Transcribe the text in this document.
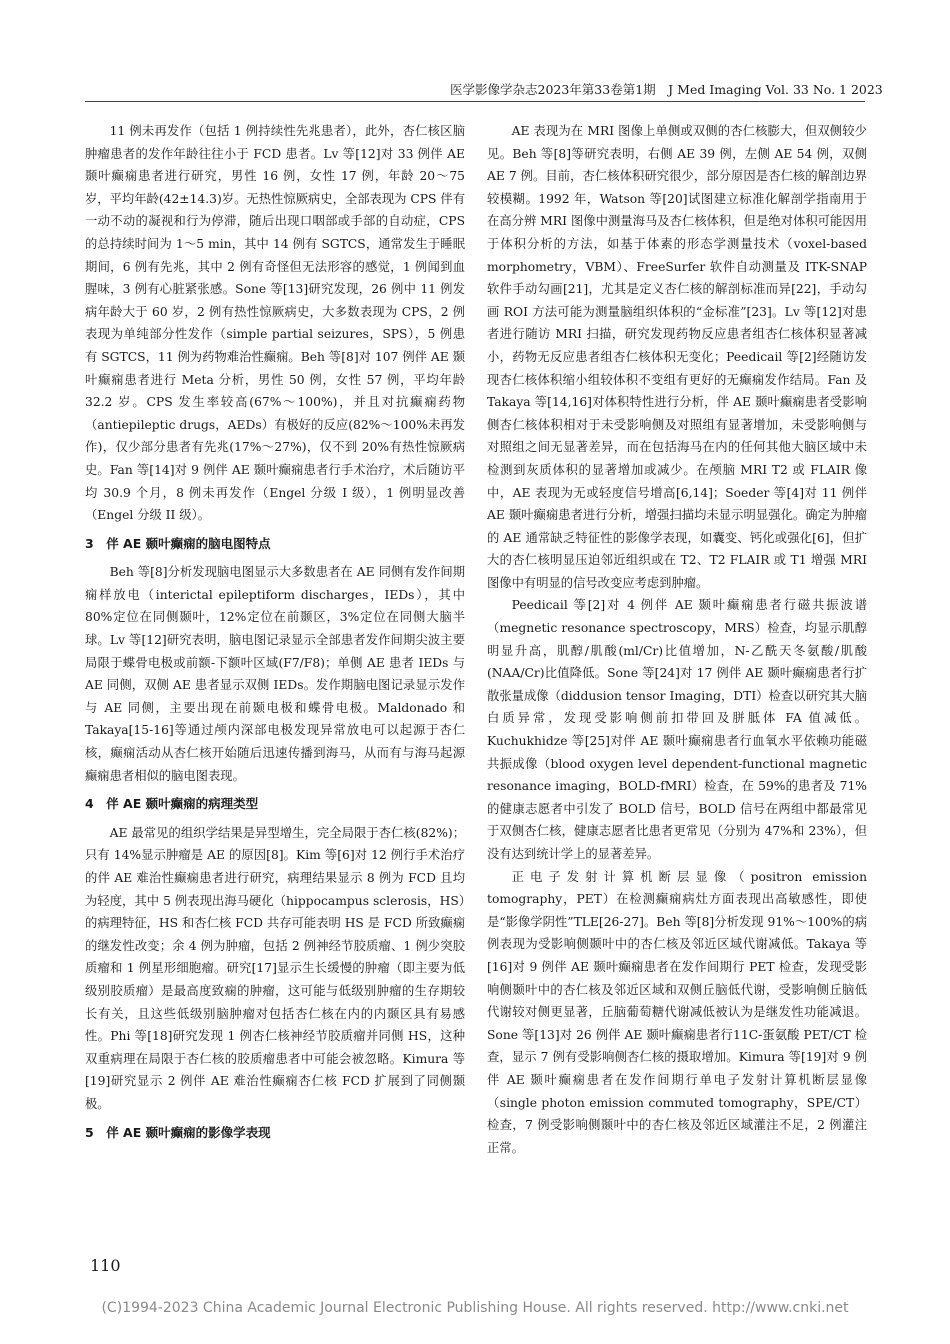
医学影像学杂志2023年第33卷第1期　J Med Imaging Vol. 33 No. 1 2023

11 例未再发作（包括 1 例持续性先兆患者），此外，杏仁核区脑肿瘤患者的发作年龄往往小于 FCD 患者。Lv 等[12]对 33 例伴 AE 颞叶癫痫患者进行研究，男性 16 例，女性 17 例，年龄 20～75 岁，平均年龄(42±14.3)岁。无热性惊厥病史，全部表现为 CPS 伴有一动不动的凝视和行为停滞，随后出现口咽部或手部的自动症，CPS 的总持续时间为 1～5 min，其中 14 例有 SGTCS，通常发生于睡眠期间，6 例有先兆，其中 2 例有奇怪但无法形容的感觉，1 例闻到血腥味，3 例有心脏紧张感。Sone 等[13]研究发现，26 例中 11 例发病年龄大于 60 岁，2 例有热性惊厥病史，大多数表现为 CPS，2 例表现为单纯部分性发作（simple partial seizures，SPS），5 例患有 SGTCS，11 例为药物难治性癫痫。Beh 等[8]对 107 例伴 AE 颞叶癫痫患者进行 Meta 分析，男性 50 例，女性 57 例，平均年龄 32.2 岁。CPS 发生率较高(67%～100%)，并且对抗癫痫药物（antiepileptic drugs，AEDs）有极好的反应(82%～100%未再发作)，仅少部分患者有先兆(17%～27%)，仅不到 20%有热性惊厥病史。Fan 等[14]对 9 例伴 AE 颞叶癫痫患者行手术治疗，术后随访平均 30.9 个月，8 例未再发作（Engel 分级 I 级），1 例明显改善（Engel 分级 II 级）。

3　伴 AE 颞叶癫痫的脑电图特点

Beh 等[8]分析发现脑电图显示大多数患者在 AE 同侧有发作间期痫样放电（interictal epileptiform discharges，IEDs），其中 80%定位在同侧颞叶，12%定位在前颞区，3%定位在同侧大脑半球。Lv 等[12]研究表明，脑电图记录显示全部患者发作间期尖波主要局限于蝶骨电极或前额-下额叶区域(F7/F8)；单侧 AE 患者 IEDs 与 AE 同侧，双侧 AE 患者显示双侧 IEDs。发作期脑电图记录显示发作与 AE 同侧，主要出现在前颞电极和蝶骨电极。Maldonado 和 Takaya[15-16]等通过颅内深部电极发现异常放电可以起源于杏仁核，癫痫活动从杏仁核开始随后迅速传播到海马，从而有与海马起源癫痫患者相似的脑电图表现。

4　伴 AE 颞叶癫痫的病理类型

AE 最常见的组织学结果是异型增生，完全局限于杏仁核(82%)；只有 14%显示肿瘤是 AE 的原因[8]。Kim 等[6]对 12 例行手术治疗的伴 AE 难治性癫痫患者进行研究，病理结果显示 8 例为 FCD 且均为轻度，其中 5 例表现出海马硬化（hippocampus sclerosis，HS）的病理特征，HS 和杏仁核 FCD 共存可能表明 HS 是 FCD 所致癫痫的继发性改变；余 4 例为肿瘤，包括 2 例神经节胶质瘤、1 例少突胶质瘤和 1 例星形细胞瘤。研究[17]显示生长缓慢的肿瘤（即主要为低级别胶质瘤）是最高度致痫的肿瘤，这可能与低级别肿瘤的生存期较长有关，且这些低级别脑肿瘤对包括杏仁核在内的内颞区具有易感性。Phi 等[18]研究发现 1 例杏仁核神经节胶质瘤并同侧 HS，这种双重病理在局限于杏仁核的胶质瘤患者中可能会被忽略。Kimura 等[19]研究显示 2 例伴 AE 难治性癫痫杏仁核 FCD 扩展到了同侧颞极。

5　伴 AE 颞叶癫痫的影像学表现

AE 表现为在 MRI 图像上单侧或双侧的杏仁核膨大，但双侧较少见。Beh 等[8]等研究表明，右侧 AE 39 例，左侧 AE 54 例，双侧 AE 7 例。目前，杏仁核体积研究很少，部分原因是杏仁核的解剖边界较模糊。1992 年，Watson 等[20]试图建立标准化解剖学指南用于在高分辨 MRI 图像中测量海马及杏仁核体积，但是绝对体积可能因用于体积分析的方法，如基于体素的形态学测量技术（voxel-based morphometry，VBM）、FreeSurfer 软件自动测量及 ITK-SNAP 软件手动勾画[21]，尤其是定义杏仁核的解剖标准而异[22]，手动勾画 ROI 方法可能为测量脑组织体积的“金标准”[23]。Lv 等[12]对患者进行随访 MRI 扫描，研究发现药物反应患者组杏仁核体积显著减小，药物无反应患者组杏仁核体积无变化；Peedicail 等[2]经随访发现杏仁核体积缩小组较体积不变组有更好的无癫痫发作结局。Fan 及 Takaya 等[14,16]对体积特性进行分析，伴 AE 颞叶癫痫患者受影响侧杏仁核体积相对于未受影响侧及对照组有显著增加，未受影响侧与对照组之间无显著差异，而在包括海马在内的任何其他大脑区域中未检测到灰质体积的显著增加或减少。在颅脑 MRI T2 或 FLAIR 像中，AE 表现为无或轻度信号增高[6,14]；Soeder 等[4]对 11 例伴 AE 颞叶癫痫患者进行分析，增强扫描均未显示明显强化。确定为肿瘤的 AE 通常缺乏特征性的影像学表现，如囊变、钙化或强化[6]，但扩大的杏仁核明显压迫邻近组织或在 T2、T2 FLAIR 或 T1 增强 MRI 图像中有明显的信号改变应考虑到肿瘤。

Peedicail 等[2]对 4 例伴 AE 颞叶癫痫患者行磁共振波谱（megnetic resonance spectroscopy，MRS）检查，均显示肌醇明显升高，肌醇/肌酸(ml/Cr)比值增加，N-乙酰天冬氨酸/肌酸(NAA/Cr)比值降低。Sone 等[24]对 17 例伴 AE 颞叶癫痫患者行扩散张量成像（diddusion tensor Imaging，DTI）检查以研究其大脑白质异常，发现受影响侧前扣带回及胼胝体 FA 值减低。Kuchukhidze 等[25]对伴 AE 颞叶癫痫患者行血氧水平依赖功能磁共振成像（blood oxygen level dependent-functional magnetic resonance imaging，BOLD-fMRI）检查，在 59%的患者及 71%的健康志愿者中引发了 BOLD 信号，BOLD 信号在两组中都最常见于双侧杏仁核，健康志愿者比患者更常见（分别为 47%和 23%），但没有达到统计学上的显著差异。

正电子发射计算机断层显像（positron emission tomography，PET）在检测癫痫病灶方面表现出高敏感性，即使是“影像学阴性”TLE[26-27]。Beh 等[8]分析发现 91%～100%的病例表现为受影响侧颞叶中的杏仁核及邻近区域代谢减低。Takaya 等[16]对 9 例伴 AE 颞叶癫痫患者在发作间期行 PET 检查，发现受影响侧颞叶中的杏仁核及邻近区域和双侧丘脑低代谢，受影响侧丘脑低代谢较对侧更显著，丘脑葡萄糖代谢减低被认为是继发性功能减退。Sone 等[13]对 26 例伴 AE 颞叶癫痫患者行11C-蛋氨酸 PET/CT 检查，显示 7 例有受影响侧杏仁核的摄取增加。Kimura 等[19]对 9 例伴 AE 颞叶癫痫患者在发作间期行单电子发射计算机断层显像（single photon emission commuted tomography，SPE/CT）检查，7 例受影响侧颞叶中的杏仁核及邻近区域灌注不足，2 例灌注正常。

110
(C)1994-2023 China Academic Journal Electronic Publishing House. All rights reserved. http://www.cnki.net
